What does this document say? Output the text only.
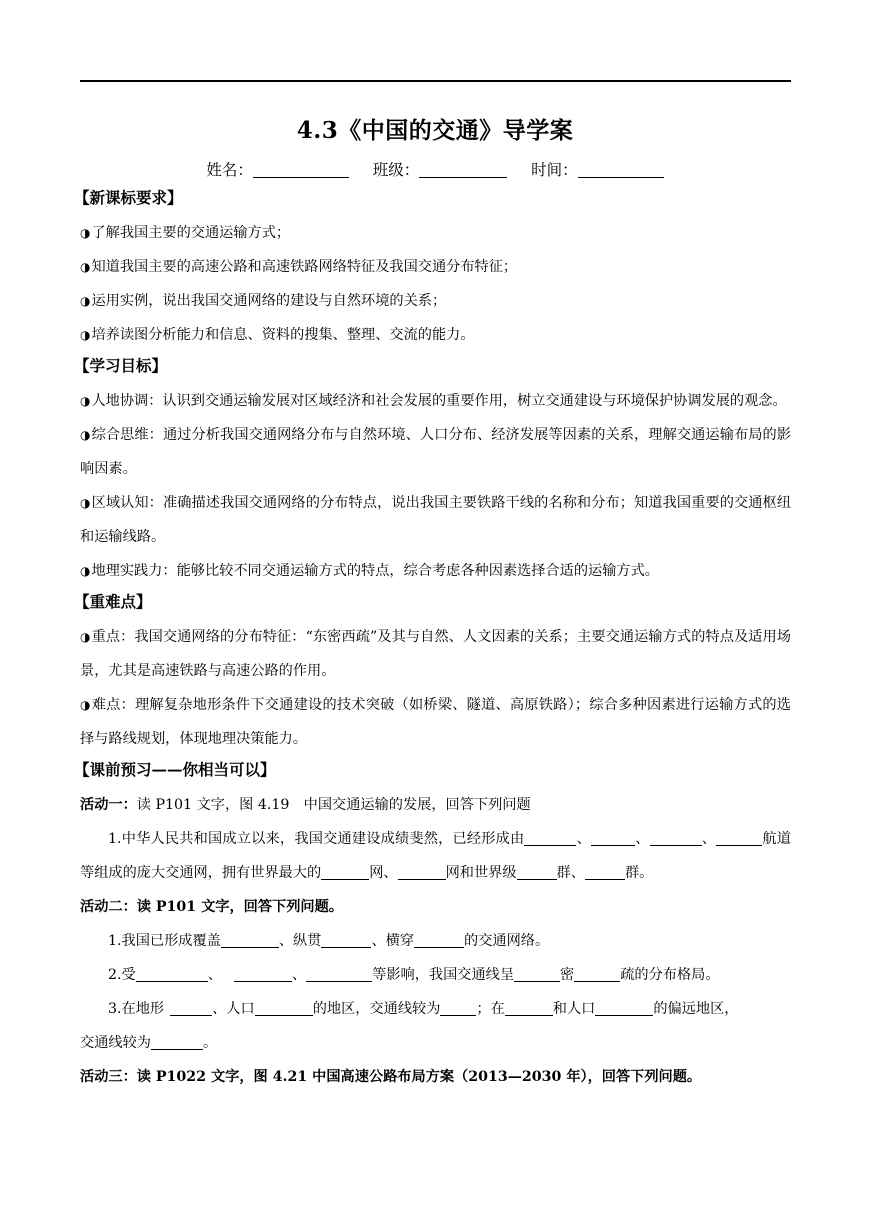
4.3《中国的交通》导学案
姓名：	班级：	时间：
【新课标要求】
◑了解我国主要的交通运输方式；
◑知道我国主要的高速公路和高速铁路网络特征及我国交通分布特征；
◑运用实例，说出我国交通网络的建设与自然环境的关系；
◑培养读图分析能力和信息、资料的搜集、整理、交流的能力。
【学习目标】
◑人地协调：认识到交通运输发展对区域经济和社会发展的重要作用，树立交通建设与环境保护协调发展的观念。
◑综合思维：通过分析我国交通网络分布与自然环境、人口分布、经济发展等因素的关系，理解交通运输布局的影响因素。
◑区域认知：准确描述我国交通网络的分布特点，说出我国主要铁路干线的名称和分布；知道我国重要的交通枢纽和运输线路。
◑地理实践力：能够比较不同交通运输方式的特点，综合考虑各种因素选择合适的运输方式。
【重难点】
◑重点：我国交通网络的分布特征：“东密西疏”及其与自然、人文因素的关系；主要交通运输方式的特点及适用场景，尤其是高速铁路与高速公路的作用。
◑难点：理解复杂地形条件下交通建设的技术突破（如桥梁、隧道、高原铁路）；综合多种因素进行运输方式的选择与路线规划，体现地理决策能力。
【课前预习——你相当可以】
活动一：读 P101 文字，图 4.19　中国交通运输的发展，回答下列问题
1.中华人民共和国成立以来，我国交通建设成绩斐然，已经形成由	、	、	、	航道等组成的庞大交通网，拥有世界最大的	网、	网和世界级	群、	群。
活动二：读 P101 文字，回答下列问题。
1.我国已形成覆盖	、纵贯	、横穿	的交通网络。
2.受	、	、	等影响，我国交通线呈	密	疏的分布格局。
3.在地形	、人口	的地区，交通线较为	；在	和人口	的偏远地区，
交通线较为	。
活动三：读 P1022 文字，图 4.21 中国高速公路布局方案（2013—2030 年），回答下列问题。
